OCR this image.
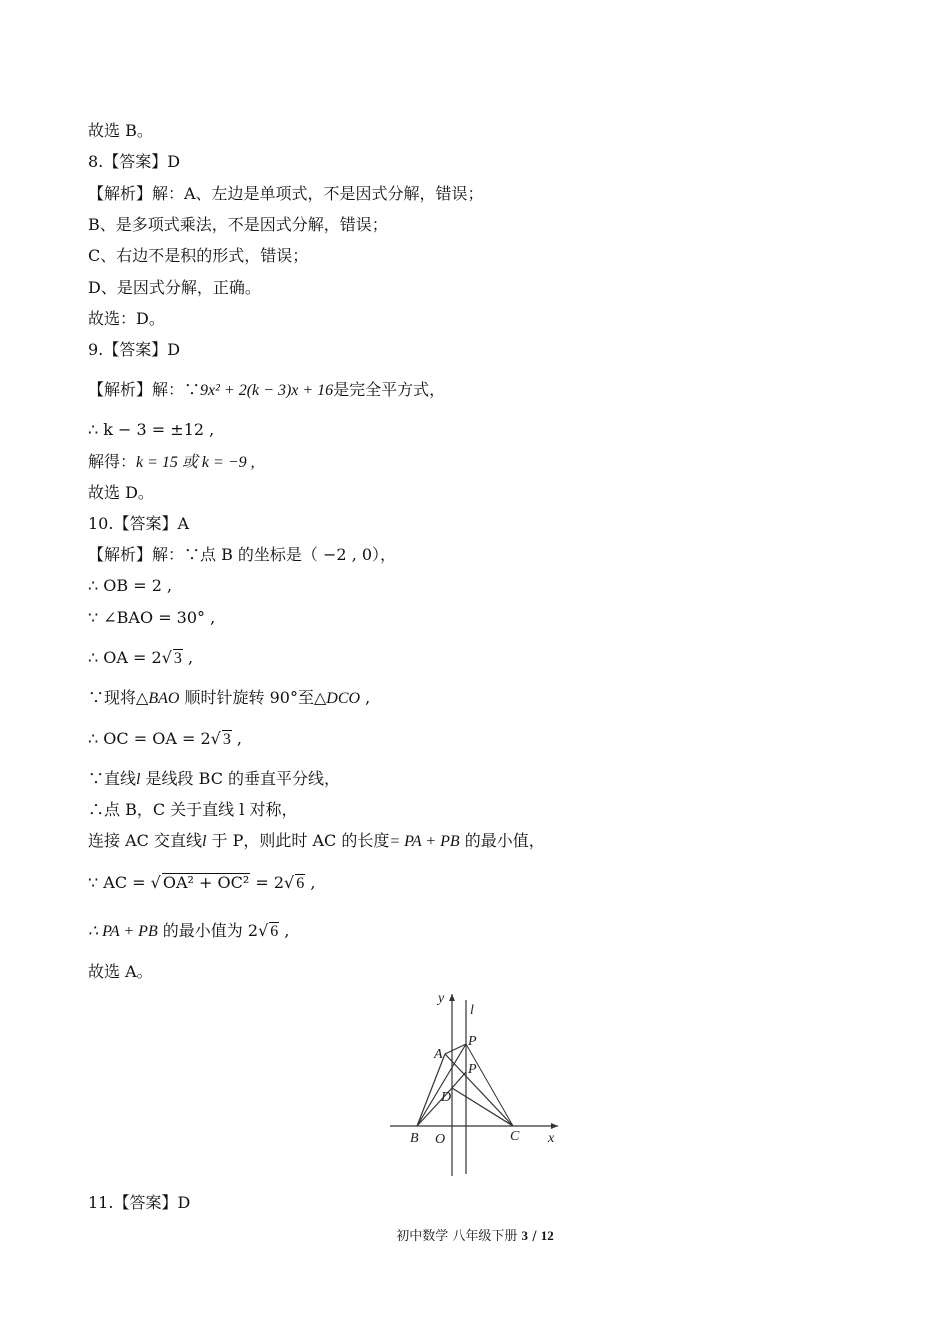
故选 B。
8.【答案】D
【解析】解：A、左边是单项式，不是因式分解，错误；
B、是多项式乘法，不是因式分解，错误；
C、右边不是积的形式，错误；
D、是因式分解，正确。
故选：D。
9.【答案】D
【解析】解：∵9x² + 2(k − 3)x + 16是完全平方式，
∴ k − 3 = ±12 ,
解得：k = 15 或 k = −9 ,
故选 D。
10.【答案】A
【解析】解：∵点 B 的坐标是（ −2 , 0），
∴ OB = 2 ,
∵ ∠BAO = 30° ,
∴ OA = 2√ 3 ,
∵现将△BAO 顺时针旋转 90°至△DCO ,
∴ OC = OA = 2√ 3 ,
∵直线l 是线段 BC 的垂直平分线，
∴点 B，C 关于直线 l 对称，
连接 AC 交直线l 于 P，则此时 AC 的长度= PA + PB 的最小值，
∵ AC = √ OA² + OC² = 2√ 6 ,
∴ PA + PB 的最小值为 2√ 6 ,
故选 A。
y
l
A
P
P
D
B O	C x
11.【答案】D
初中数学 八年级下册 3 / 12
